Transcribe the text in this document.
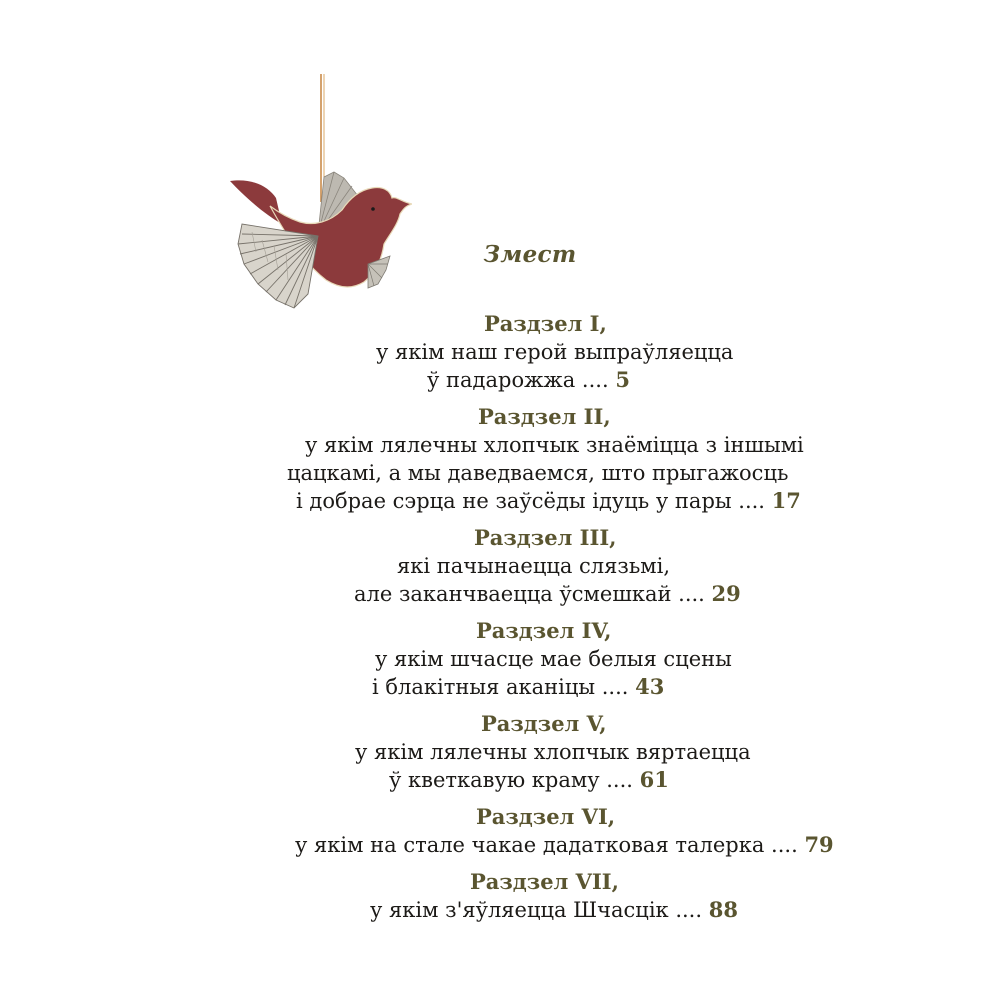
Змест
Раздзел I,
у якім наш герой выпраўляецца
ў падарожжа .... 5
Раздзел II,
у якім лялечны хлопчык знаёміцца з іншымі
цацкамі, а мы даведваемся, што прыгажосць
і добрае сэрца не заўсёды ідуць у пары .... 17
Раздзел III,
які пачынаецца слязьмі,
але заканчваецца ўсмешкай .... 29
Раздзел IV,
у якім шчасце мае белыя сцены
і блакітныя аканіцы .... 43
Раздзел V,
у якім лялечны хлопчык вяртаецца
ў кветкавую краму .... 61
Раздзел VI,
у якім на стале чакае дадатковая талерка .... 79
Раздзел VII,
у якім з'яўляецца Шчасцік .... 88
